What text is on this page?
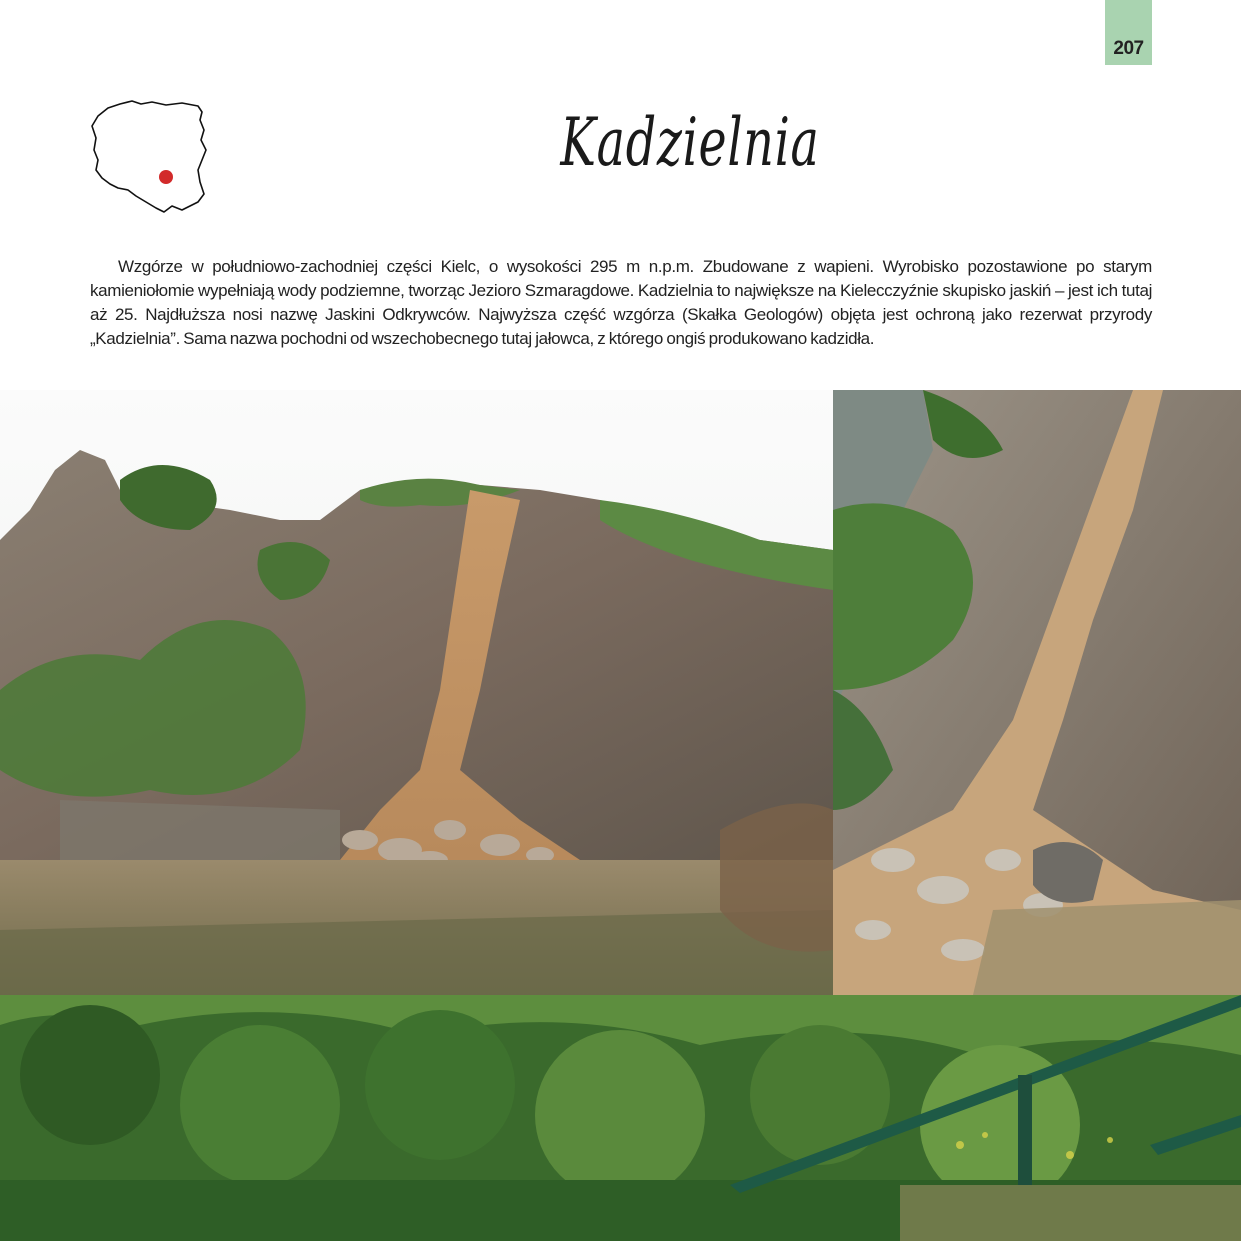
207
Kadzielnia
Wzgórze w południowo-zachodniej części Kielc, o wysokości 295 m n.p.m. Zbudowane z wapieni. Wyrobisko pozostawione po starym kamieniołomie wypełniają wody podziemne, tworząc Jezioro Szmaragdowe. Kadzielnia to największe na Kielecczyźnie skupisko jaskiń – jest ich tutaj aż 25. Najdłuższa nosi nazwę Jaskini Odkrywców. Najwyższa część wzgórza (Skałka Geologów) objęta jest ochroną jako rezerwat przyrody „Kadzielnia”. Sama nazwa pochodni od wszechobecnego tutaj jałowca, z którego ongiś produkowano kadzidła.
